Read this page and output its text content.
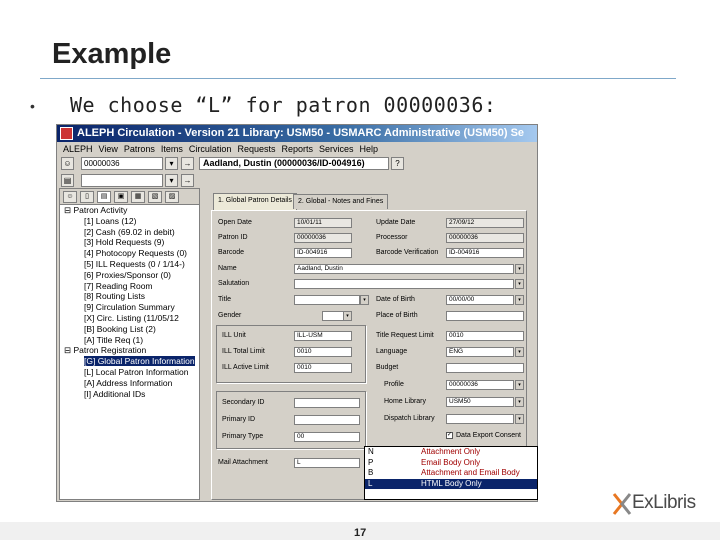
Example
• We choose “L” for patron 00000036:
ALEPH Circulation - Version 21 Library: USM50 - USMARC Administrative (USM50) Se
ALEPH View Patrons Items Circulation Requests Reports Services Help
☺	00000036	▾	→	Aadland, Dustin (00000036/ID-004916)	?
▤	▾	→
☺	▯	▤	▣	▦	▧	▨
⊟ Patron Activity
[1] Loans (12)
[2] Cash (69.02 in debit)
[3] Hold Requests (9)
[4] Photocopy Requests (0)
[5] ILL Requests (0 / 1/14-)
[6] Proxies/Sponsor (0)
[7] Reading Room
[8] Routing Lists
[9] Circulation Summary
[X] Circ. Listing (11/05/12
[B] Booking List (2)
[A] Title Req (1)
⊟ Patron Registration
[G] Global Patron Information
[L] Local Patron Information
[A] Address Information
[I] Additional IDs
1. Global Patron Details 2. Global - Notes and Fines
Open Date	10/01/11	Update Date	27/09/12
Patron ID	00000036	Processor	00000036
Barcode	ID-004916	Barcode Verification	ID-004916
Name	Aadland, Dustin	▾
Salutation	▾
Title	▾	Date of Birth	00/00/00	▾
Gender	▾	Place of Birth
ILL Unit	ILL-USM
ILL Total Limit	0010
ILL Active Limit	0010
Title Request Limit	0010
Language	ENG	▾
Budget
Profile	00000036	▾
Home Library	USM50	▾
Dispatch Library	▾
✓ Data Export Consent
Secondary ID
Primary ID
Primary Type	00
Mail Attachment	L
N	Attachment Only
P	Email Body Only
B	Attachment and Email Body
L	HTML Body Only
17
ExLibris
